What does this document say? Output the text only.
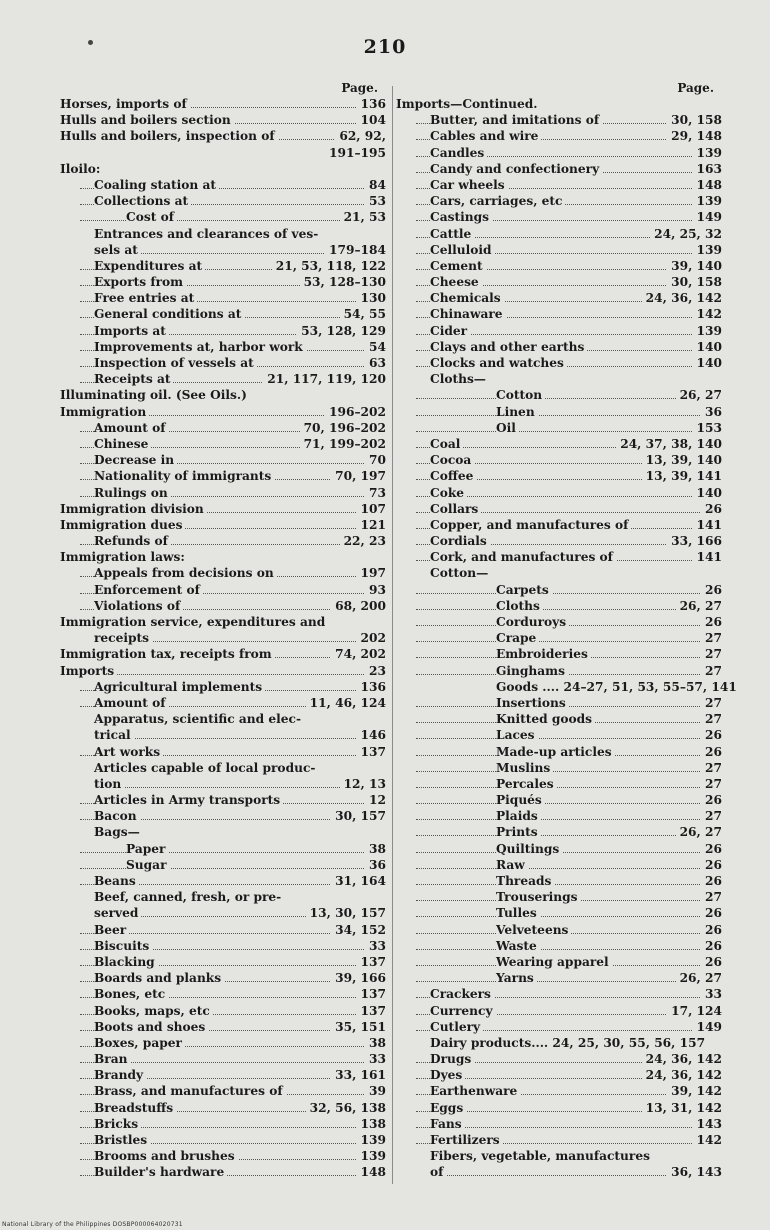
210
Page.
Horses, imports of	136
Hulls and boilers section	104
Hulls and boilers, inspection of	62, 92,
191–195
Iloilo:
Coaling station at	84
Collections at	53
Cost of	21, 53
Entrances and clearances of ves-
sels at	179–184
Expenditures at	21, 53, 118, 122
Exports from	53, 128–130
Free entries at	130
General conditions at	54, 55
Imports at	53, 128, 129
Improvements at, harbor work	54
Inspection of vessels at	63
Receipts at	21, 117, 119, 120
Illuminating oil. (See Oils.)
Immigration	196–202
Amount of	70, 196–202
Chinese	71, 199–202
Decrease in	70
Nationality of immigrants	70, 197
Rulings on	73
Immigration division	107
Immigration dues	121
Refunds of	22, 23
Immigration laws:
Appeals from decisions on	197
Enforcement of	93
Violations of	68, 200
Immigration service, expenditures and
receipts	202
Immigration tax, receipts from	74, 202
Imports	23
Agricultural implements	136
Amount of	11, 46, 124
Apparatus, scientific and elec-
trical	146
Art works	137
Articles capable of local produc-
tion	12, 13
Articles in Army transports	12
Bacon	30, 157
Bags—
Paper	38
Sugar	36
Beans	31, 164
Beef, canned, fresh, or pre-
served	13, 30, 157
Beer	34, 152
Biscuits	33
Blacking	137
Boards and planks	39, 166
Bones, etc	137
Books, maps, etc	137
Boots and shoes	35, 151
Boxes, paper	38
Bran	33
Brandy	33, 161
Brass, and manufactures of	39
Breadstuffs	32, 56, 138
Bricks	138
Bristles	139
Brooms and brushes	139
Builder's hardware	148
Page.
Imports—Continued.
Butter, and imitations of	30, 158
Cables and wire	29, 148
Candles	139
Candy and confectionery	163
Car wheels	148
Cars, carriages, etc	139
Castings	149
Cattle	24, 25, 32
Celluloid	139
Cement	39, 140
Cheese	30, 158
Chemicals	24, 36, 142
Chinaware	142
Cider	139
Clays and other earths	140
Clocks and watches	140
Cloths—
Cotton	26, 27
Linen	36
Oil	153
Coal	24, 37, 38, 140
Cocoa	13, 39, 140
Coffee	13, 39, 141
Coke	140
Collars	26
Copper, and manufactures of	141
Cordials	33, 166
Cork, and manufactures of	141
Cotton—
Carpets	26
Cloths	26, 27
Corduroys	26
Crape	27
Embroideries	27
Ginghams	27
Goods .... 24–27, 51, 53, 55–57, 141
Insertions	27
Knitted goods	27
Laces	26
Made-up articles	26
Muslins	27
Percales	27
Piqués	26
Plaids	27
Prints	26, 27
Quiltings	26
Raw	26
Threads	26
Trouserings	27
Tulles	26
Velveteens	26
Waste	26
Wearing apparel	26
Yarns	26, 27
Crackers	33
Currency	17, 124
Cutlery	149
Dairy products.... 24, 25, 30, 55, 56, 157
Drugs	24, 36, 142
Dyes	24, 36, 142
Earthenware	39, 142
Eggs	13, 31, 142
Fans	143
Fertilizers	142
Fibers, vegetable, manufactures
of	36, 143
National Library of the Philippines DOSBP000064020731
